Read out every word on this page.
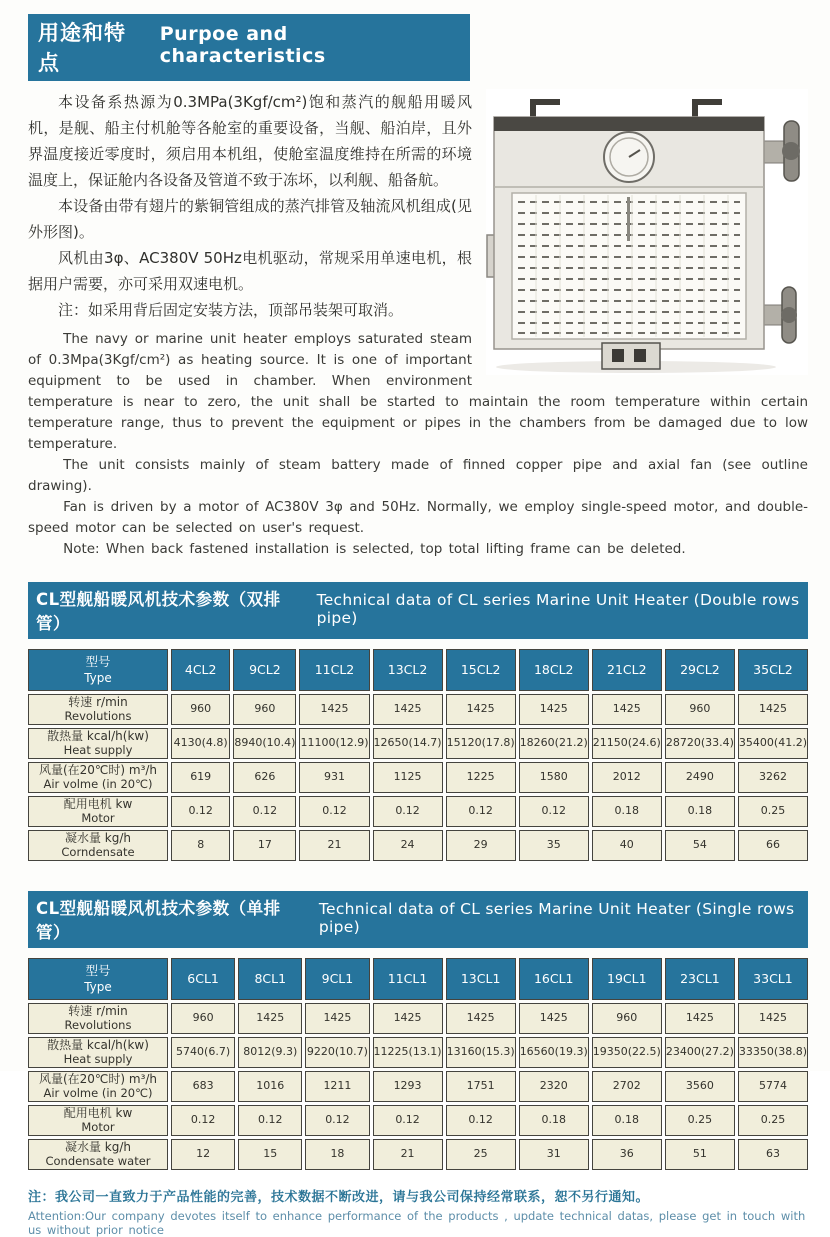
用途和特点
Purpoe and characteristics

本设备系热源为0.3MPa(3Kgf/cm²)饱和蒸汽的舰船用暖风机，是舰、船主付机舱等各舱室的重要设备，当舰、船泊岸，且外界温度接近零度时，须启用本机组，使舱室温度维持在所需的环境温度上，保证舱内各设备及管道不致于冻坏，以利舰、船备航。

本设备由带有翅片的紫铜管组成的蒸汽排管及轴流风机组成(见外形图)。

风机由3φ、AC380V 50Hz电机驱动，常规采用单速电机，根据用户需要，亦可采用双速电机。

注：如采用背后固定安装方法，顶部吊装架可取消。

The navy or marine unit heater employs saturated steam of 0.3Mpa(3Kgf/cm²) as heating source. It is one of important equipment to be used in chamber. When environment temperature is near to zero, the unit shall be started to maintain the room temperature within certain temperature range, thus to prevent the equipment or pipes in the chambers from be damaged due to low temperature.

The unit consists mainly of steam battery made of finned copper pipe and axial fan (see outline drawing).

Fan is driven by a motor of AC380V 3φ and 50Hz. Normally, we employ single-speed motor, and double-speed motor can be selected on user's request.

Note: When back fastened installation is selected, top total lifting frame can be deleted.

CL型舰船暖风机技术参数（双排管）
Technical data of CL series Marine Unit Heater (Double rows pipe)
型号
Type
4CL2	9CL2	11CL2	13CL2	15CL2	18CL2	21CL2	29CL2	35CL2
转速 r/min
Revolutions
960	960	1425	1425	1425	1425	1425	960	1425
散热量 kcal/h(kw)
Heat supply
4130(4.8) 8940(10.4) 11100(12.9) 12650(14.7) 15120(17.8) 18260(21.2) 21150(24.6) 28720(33.4) 35400(41.2)
风量(在20℃时) m³/h
Air volme (in 20℃)
619	626	931	1125	1225	1580	2012	2490	3262
配用电机 kw
Motor
0.12	0.12	0.12	0.12	0.12	0.12	0.18	0.18	0.25
凝水量 kg/h
Corndensate
8	17	21	24	29	35	40	54	66
CL型舰船暖风机技术参数（单排管）
Technical data of CL series Marine Unit Heater (Single rows pipe)
型号
Type
6CL1	8CL1	9CL1	11CL1	13CL1	16CL1	19CL1	23CL1	33CL1
转速 r/min
Revolutions
960	1425	1425	1425	1425	1425	960	1425	1425
散热量 kcal/h(kw)
Heat supply
5740(6.7) 8012(9.3) 9220(10.7) 11225(13.1) 13160(15.3) 16560(19.3) 19350(22.5) 23400(27.2) 33350(38.8)
风量(在20℃时) m³/h
Air volme (in 20℃)
683	1016	1211	1293	1751	2320	2702	3560	5774
配用电机 kw
Motor
0.12	0.12	0.12	0.12	0.12	0.18	0.18	0.25	0.25
凝水量 kg/h
Condensate water
12	15	18	21	25	31	36	51	63
注：我公司一直致力于产品性能的完善，技术数据不断改进，请与我公司保持经常联系，恕不另行通知。
Attention:Our company devotes itself to enhance performance of the products , update technical datas, please get in touch with us without prior notice
